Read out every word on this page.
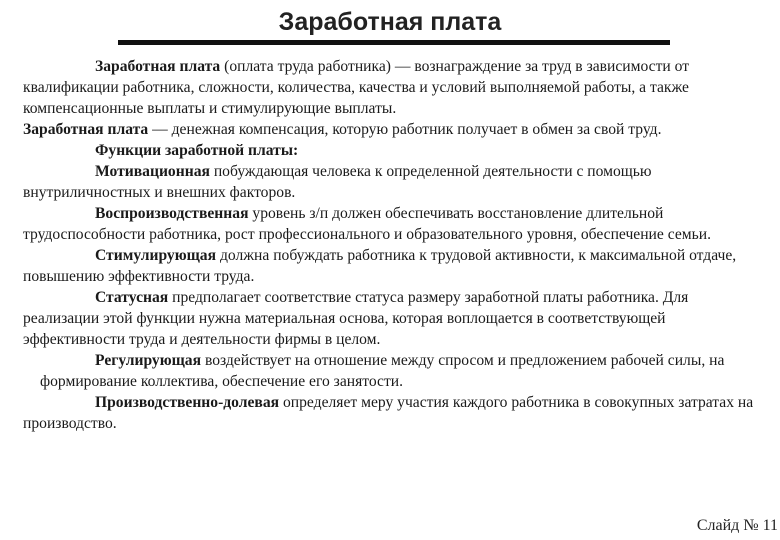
Заработная плата

Заработная плата (оплата труда работника) — вознаграждение за труд в зависимости от квалификации работника, сложности, количества, качества и условий выполняемой работы, а также компенсационные выплаты и стимулирующие выплаты.

Заработная плата — денежная компенсация, которую работник получает в обмен за свой труд.

Функции заработной платы:

Мотивационная побуждающая человека к определенной деятельности с помощью внутриличностных и внешних факторов.

Воспроизводственная уровень з/п должен обеспечивать восстановление длительной трудоспособности работника, рост профессионального и образовательного уровня, обеспечение семьи.

Стимулирующая должна побуждать работника к трудовой активности, к максимальной отдаче, повышению эффективности труда.

Статусная предполагает соответствие статуса размеру заработной платы работника. Для реализации этой функции нужна материальная основа, которая воплощается в соответствующей эффективности труда и деятельности фирмы в целом.

Регулирующая воздействует на отношение между спросом и предложением рабочей силы, на формирование коллектива, обеспечение его занятости.

Производственно-долевая определяет меру участия каждого работника в совокупных затратах на производство.

Слайд № 11
